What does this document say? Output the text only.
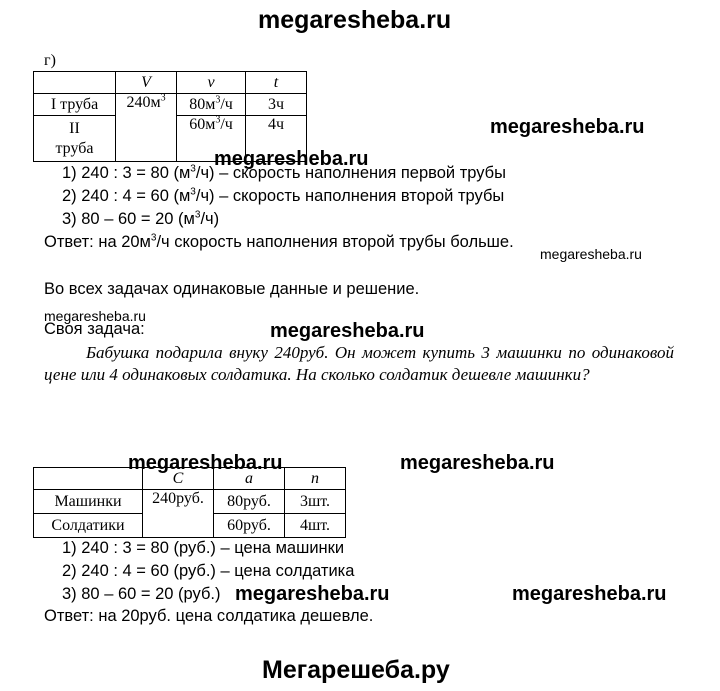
megaresheba.ru
megaresheba.ru
megaresheba.ru
megaresheba.ru
megaresheba.ru
megaresheba.ru
г)
	V	v	t
I труба	$240м^3$	$80м^3/ч$	3ч
II
труба		$60м^3/ч$	4ч
1) 240 : 3 = 80 $(м^3/ч)$ – скорость наполнения первой трубы
2) 240 : 4 = 60 $(м^3/ч)$ – скорость наполнения второй трубы
3) 80 – 60 = 20 $(м^3/ч)$
Ответ: на $20м^3/ч$ скорость наполнения второй трубы больше.
Во всех задачах одинаковые данные и решение.
Своя задача:
Бабушка подарила внуку 240руб. Он может купить 3 машинки по одинаковой цене или 4 одинаковых солдатика. На сколько солдатик дешевле машинки?
megaresheba.ru	megaresheba.ru
	С	a	n
Машинки	240руб.	80руб.	3шт.
Солдатики		60руб.	4шт.
1) 240 : 3 = 80 (руб.) – цена машинки
2) 240 : 4 = 60 (руб.) – цена солдатика
3) 80 – 60 = 20 (руб.) megaresheba.ru	megaresheba.ru
Ответ: на 20руб. цена солдатика дешевле.
Мегарешеба.ру
